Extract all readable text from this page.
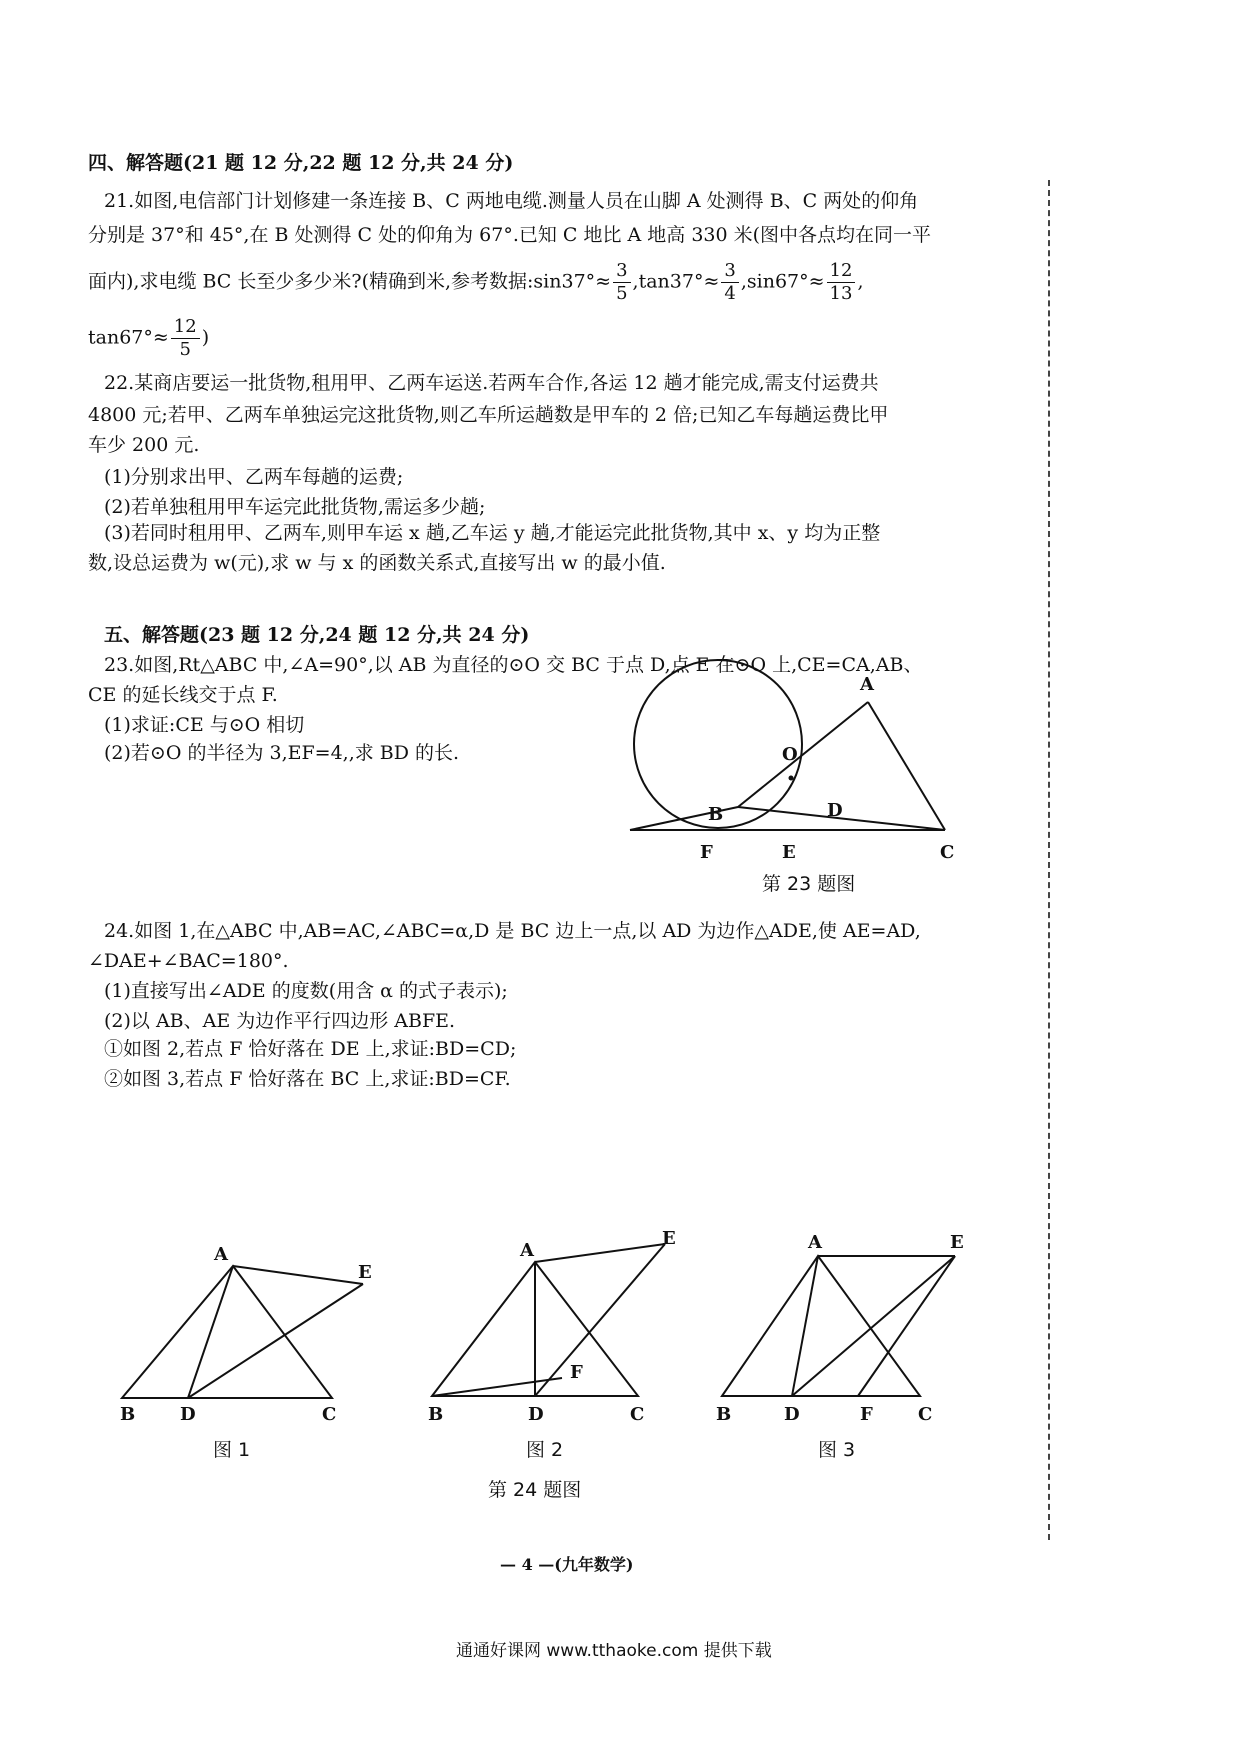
四、解答题(21 题 12 分,22 题 12 分,共 24 分)
21.如图,电信部门计划修建一条连接 B、C 两地电缆.测量人员在山脚 A 处测得 B、C 两处的仰角
分别是 37°和 45°,在 B 处测得 C 处的仰角为 67°.已知 C 地比 A 地高 330 米(图中各点均在同一平
面内),求电缆 BC 长至少多少米?(精确到米,参考数据:sin37°≈ $\frac{3}{5} ,\tan 37^\circ\approx \frac{3}{4} ,\sin 67^\circ\approx \frac{12}{13}$ ,
$\tan 67^\circ\approx \frac{12}{5}$ )
22.某商店要运一批货物,租用甲、乙两车运送.若两车合作,各运 12 趟才能完成,需支付运费共
4800 元;若甲、乙两车单独运完这批货物,则乙车所运趟数是甲车的 2 倍;已知乙车每趟运费比甲
车少 200 元.
(1)分别求出甲、乙两车每趟的运费;
(2)若单独租用甲车运完此批货物,需运多少趟;
(3)若同时租用甲、乙两车,则甲车运 x 趟,乙车运 y 趟,才能运完此批货物,其中 x、y 均为正整
数,设总运费为 w(元),求 w 与 x 的函数关系式,直接写出 w 的最小值.
五、解答题(23 题 12 分,24 题 12 分,共 24 分)
23.如图,Rt△ABC 中,∠A=90°,以 AB 为直径的⊙O 交 BC 于点 D,点 E 在⊙O 上,CE=CA,AB、
CE 的延长线交于点 F.
(1)求证:CE 与⊙O 相切
(2)若⊙O 的半径为 3,EF=4,,求 BD 的长.
24.如图 1,在△ABC 中,AB=AC,∠ABC=α,D 是 BC 边上一点,以 AD 为边作△ADE,使 AE=AD,
∠DAE+∠BAC=180°.
(1)直接写出∠ADE 的度数(用含 α 的式子表示);
(2)以 AB、AE 为边作平行四边形 ABFE.
①如图 2,若点 F 恰好落在 DE 上,求证:BD=CD;
②如图 3,若点 F 恰好落在 BC 上,求证:BD=CF.
A
O
B	D
F	E	C
第 23 题图
A
E
B D	C
图 1
A
E
F
B	D	C
图 2
A	E
B	D	F	C
图 3
第 24 题图
— 4 —(九年数学)
通通好课网 www.tthaoke.com 提供下载
